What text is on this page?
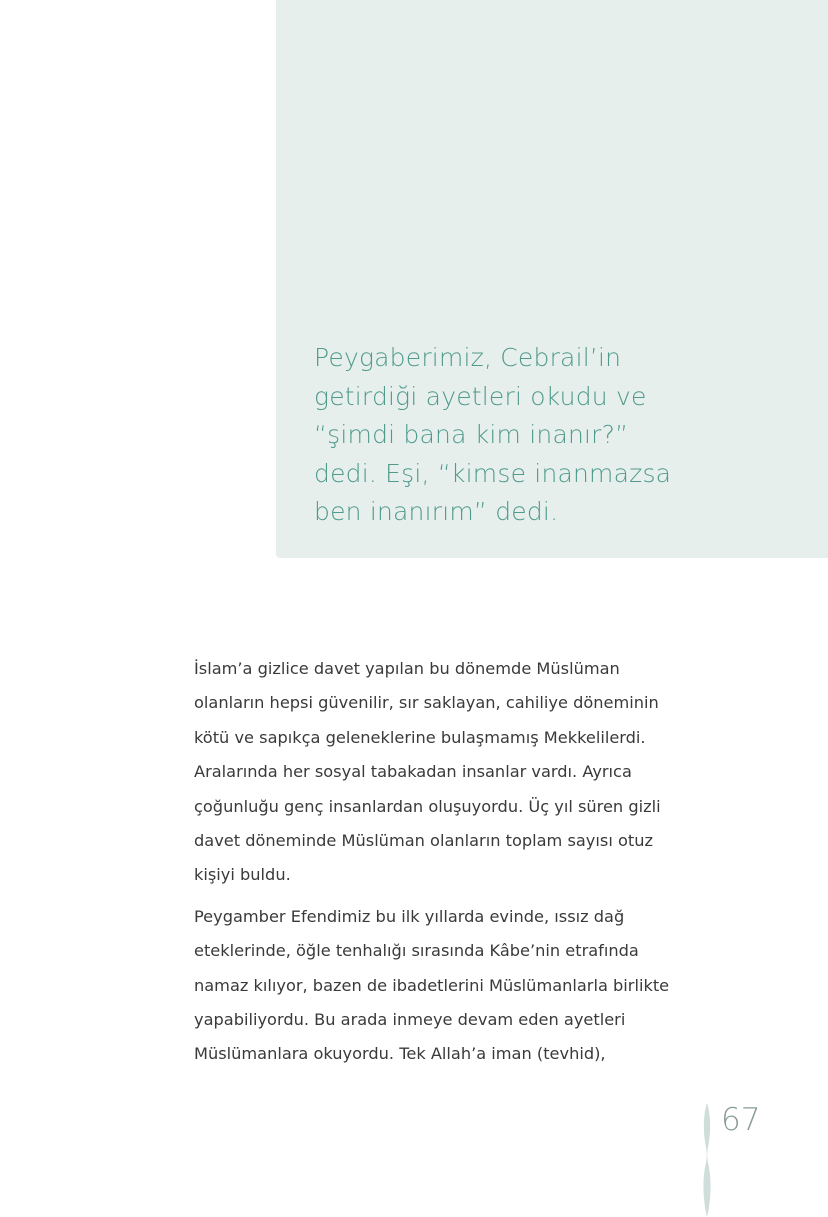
Peygaberimiz, Cebrail’in
getirdiği ayetleri okudu ve
“şimdi bana kim inanır?”
dedi. Eşi, “kimse inanmazsa
ben inanırım” dedi.

İslam’a gizlice davet yapılan bu dönemde Müslüman
olanların hepsi güvenilir, sır saklayan, cahiliye döneminin
kötü ve sapıkça geleneklerine bulaşmamış Mekkelilerdi.
Aralarında her sosyal tabakadan insanlar vardı. Ayrıca
çoğunluğu genç insanlardan oluşuyordu. Üç yıl süren gizli
davet döneminde Müslüman olanların toplam sayısı otuz
kişiyi buldu.

Peygamber Efendimiz bu ilk yıllarda evinde, ıssız dağ
eteklerinde, öğle tenhalığı sırasında Kâbe’nin etrafında
namaz kılıyor, bazen de ibadetlerini Müslümanlarla birlikte
yapabiliyordu. Bu arada inmeye devam eden ayetleri
Müslümanlara okuyordu. Tek Allah’a iman (tevhid),

67
